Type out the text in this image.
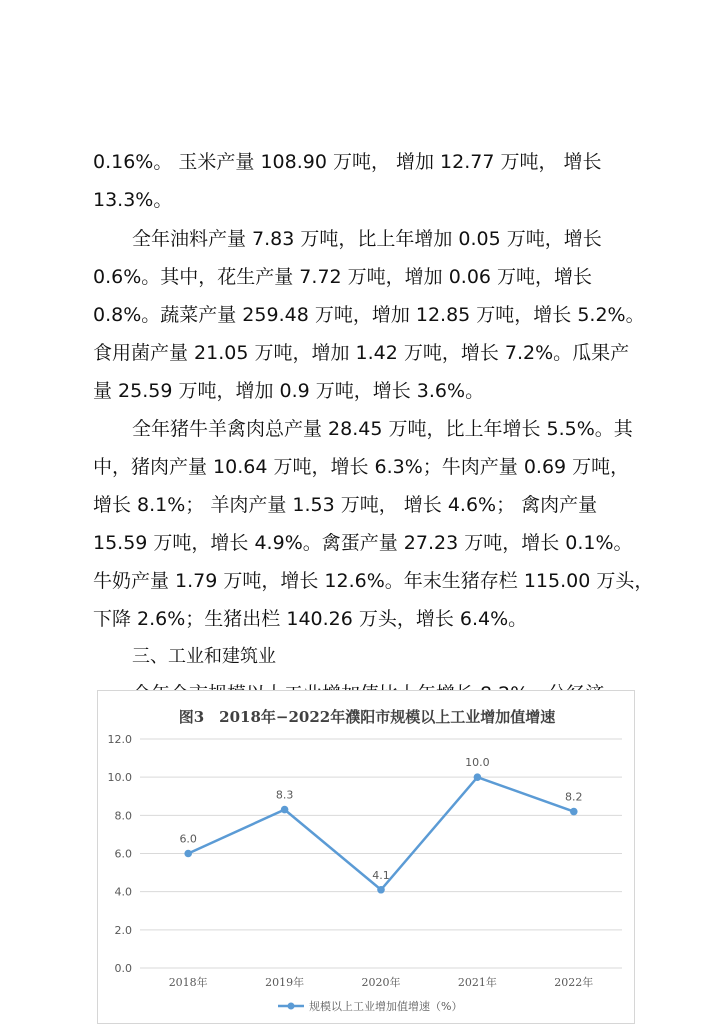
0.16%。 玉米产量 108.90 万吨， 增加 12.77 万吨， 增长

13.3%。

全年油料产量 7.83 万吨，比上年增加 0.05 万吨，增长

0.6%。其中，花生产量 7.72 万吨，增加 0.06 万吨，增长

0.8%。蔬菜产量 259.48 万吨，增加 12.85 万吨，增长 5.2%。

食用菌产量 21.05 万吨，增加 1.42 万吨，增长 7.2%。瓜果产

量 25.59 万吨，增加 0.9 万吨，增长 3.6%。

全年猪牛羊禽肉总产量 28.45 万吨，比上年增长 5.5%。其

中，猪肉产量 10.64 万吨，增长 6.3%；牛肉产量 0.69 万吨，

增长 8.1%； 羊肉产量 1.53 万吨， 增长 4.6%； 禽肉产量

15.59 万吨，增长 4.9%。禽蛋产量 27.23 万吨，增长 0.1%。

牛奶产量 1.79 万吨，增长 12.6%。年末生猪存栏 115.00 万头，

下降 2.6%；生猪出栏 140.26 万头，增长 6.4%。

三、工业和建筑业

图3　2018年−2022年濮阳市规模以上工业增加值增速
0.0
2.0
4.0
6.0
8.0
10.0
12.0
2018年	2019年	2020年	2021年	2022年
6.0
8.3
4.1
10.0
8.2
规模以上工业增加值增速（%）
